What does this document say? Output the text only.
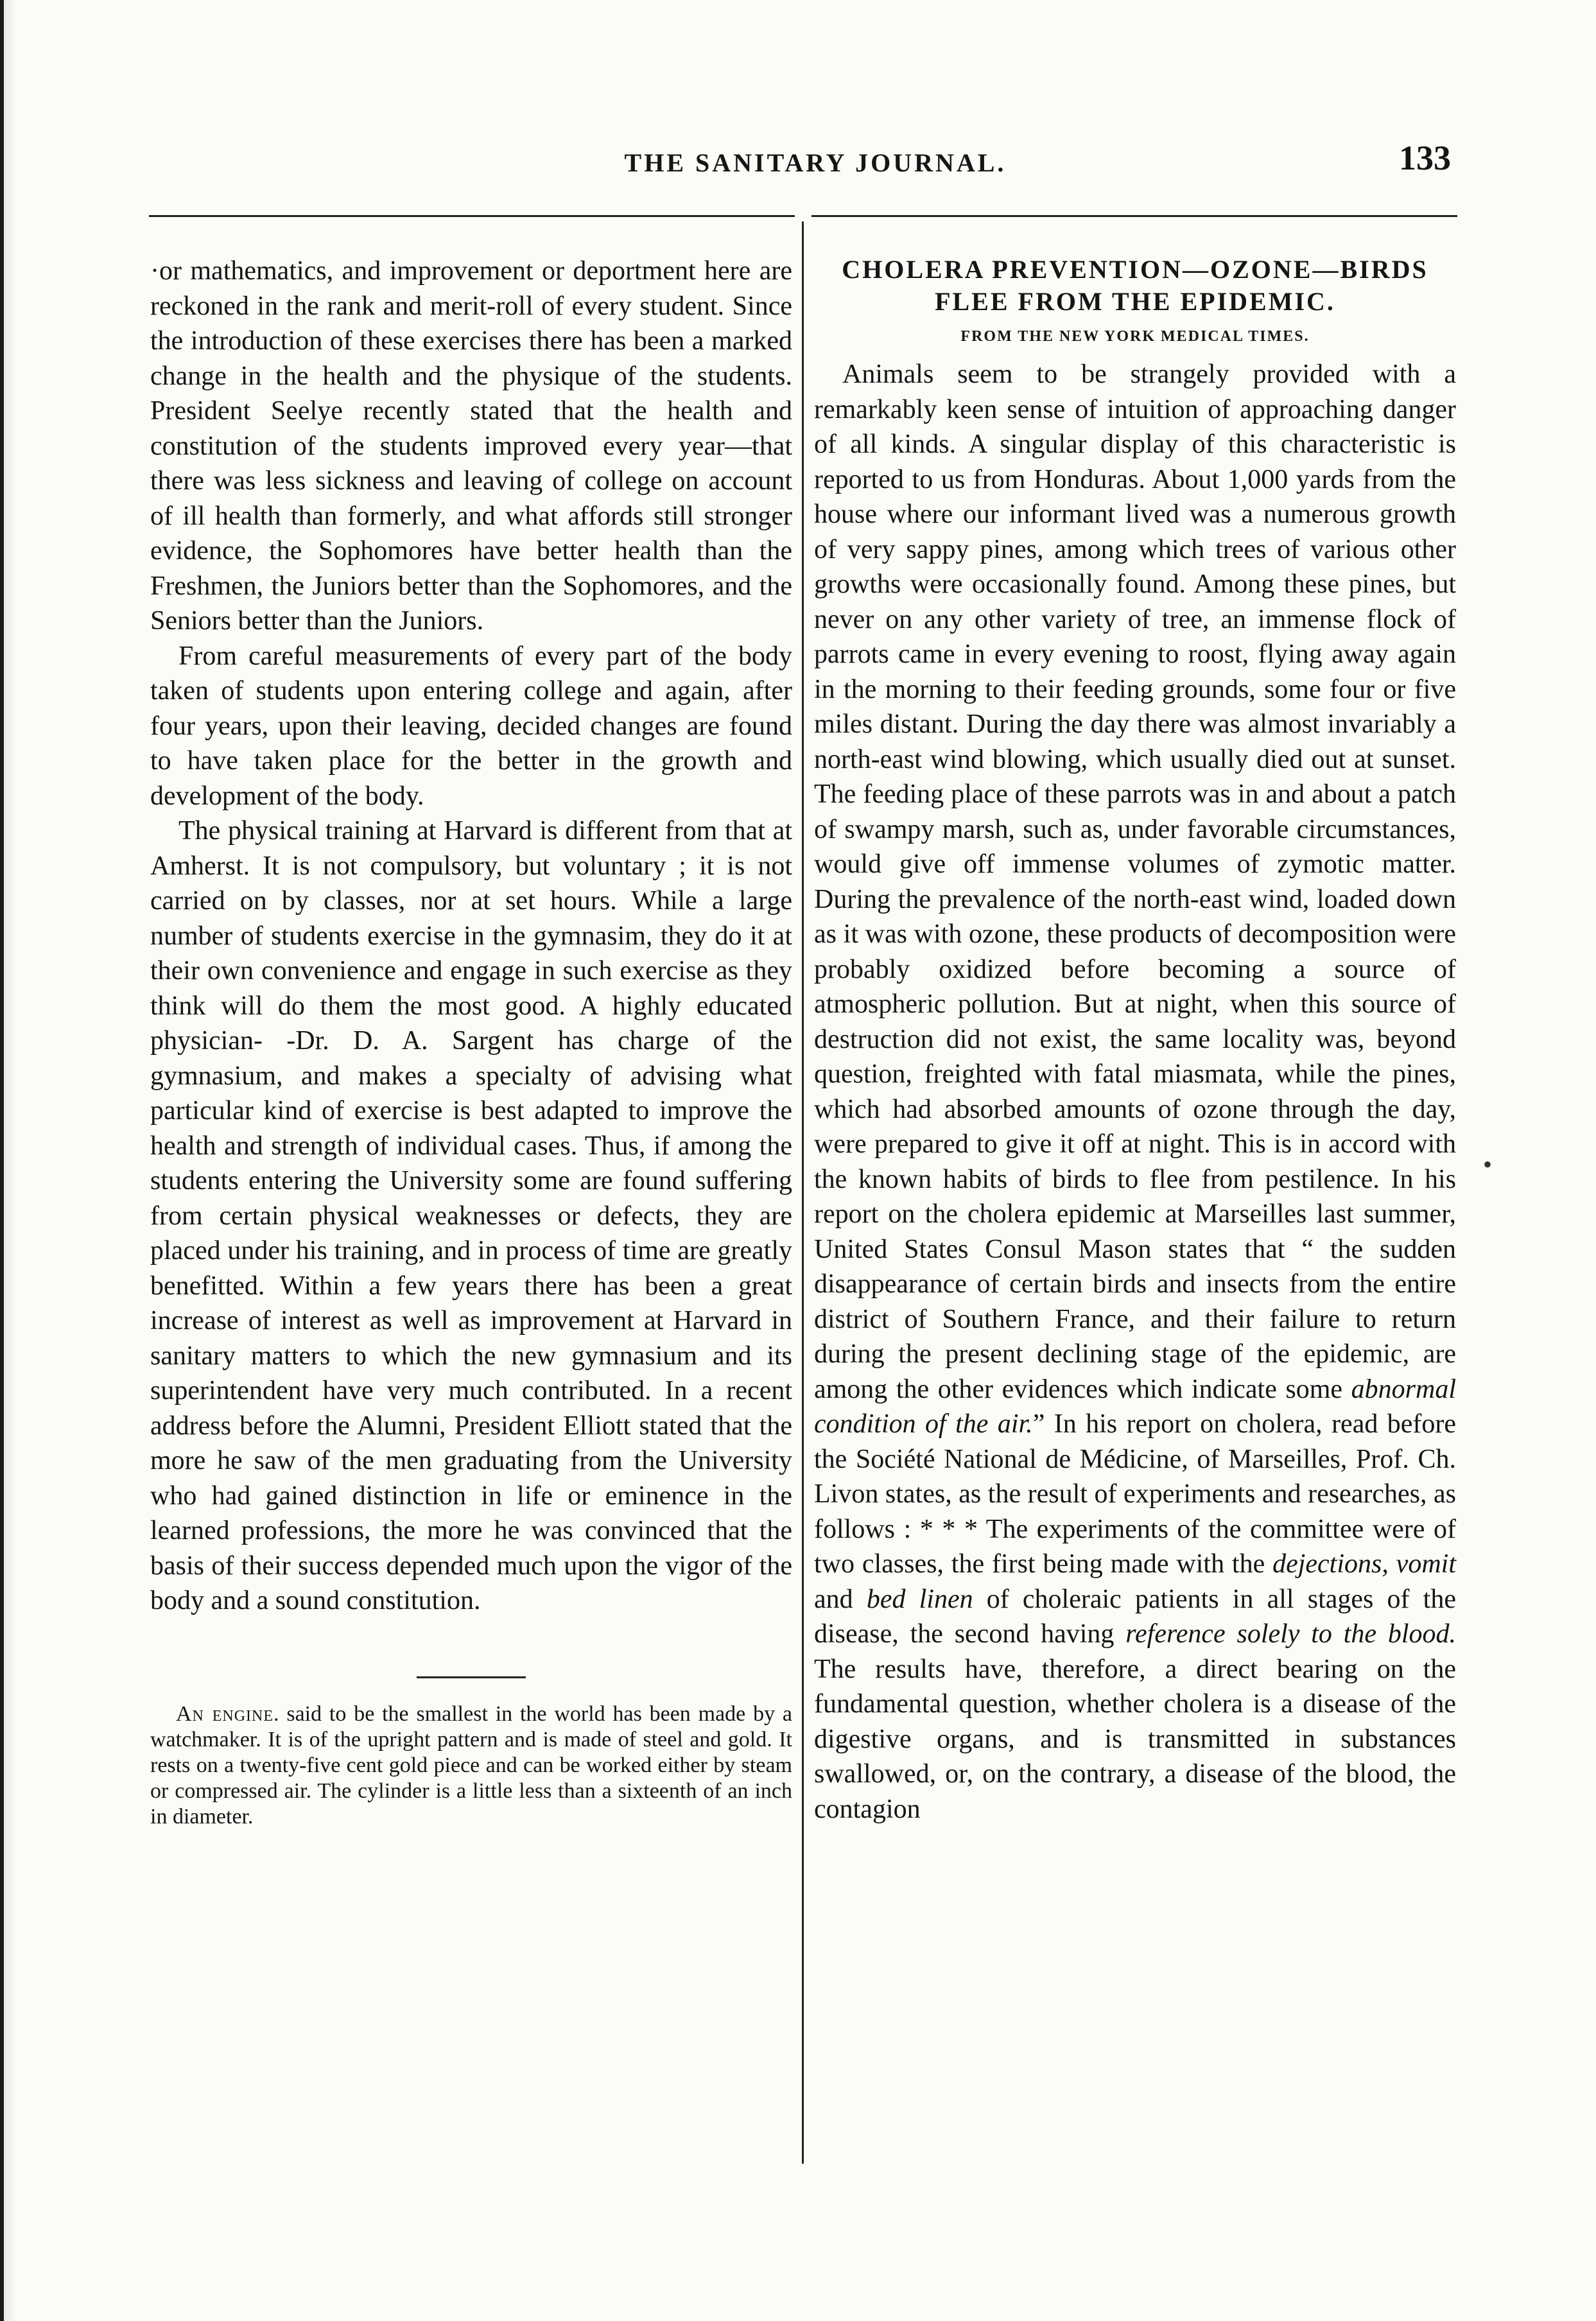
THE SANITARY JOURNAL.	133

·or mathematics, and improvement or deportment here are reckoned in the rank and merit-roll of every student. Since the introduction of these exercises there has been a marked change in the health and the physique of the students. President Seelye recently stated that the health and constitution of the students improved every year—that there was less sickness and leaving of college on account of ill health than formerly, and what affords still stronger evidence, the Sophomores have better health than the Freshmen, the Juniors better than the Sophomores, and the Seniors better than the Juniors.

From careful measurements of every part of the body taken of students upon entering college and again, after four years, upon their leaving, decided changes are found to have taken place for the better in the growth and development of the body.

The physical training at Harvard is different from that at Amherst. It is not compulsory, but voluntary ; it is not carried on by classes, nor at set hours. While a large number of students exercise in the gymnasim, they do it at their own convenience and engage in such exercise as they think will do them the most good. A highly educated physician- -Dr. D. A. Sargent has charge of the gymnasium, and makes a specialty of advising what particular kind of exercise is best adapted to improve the health and strength of individual cases. Thus, if among the students entering the University some are found suffering from certain physical weaknesses or defects, they are placed under his training, and in process of time are greatly benefitted. Within a few years there has been a great increase of interest as well as improvement at Harvard in sanitary matters to which the new gymnasium and its superintendent have very much contributed. In a recent address before the Alumni, President Elliott stated that the more he saw of the men graduating from the University who had gained distinction in life or eminence in the learned professions, the more he was convinced that the basis of their success depended much upon the vigor of the body and a sound constitution.

An engine. said to be the smallest in the world has been made by a watchmaker. It is of the upright pattern and is made of steel and gold. It rests on a twenty-five cent gold piece and can be worked either by steam or compressed air. The cylinder is a little less than a sixteenth of an inch in diameter.

CHOLERA PREVENTION—OZONE—BIRDS

FLEE FROM THE EPIDEMIC.

FROM THE NEW YORK MEDICAL TIMES.

Animals seem to be strangely provided with a remarkably keen sense of intuition of approaching danger of all kinds. A singular display of this characteristic is reported to us from Honduras. About 1,000 yards from the house where our informant lived was a numerous growth of very sappy pines, among which trees of various other growths were occasionally found. Among these pines, but never on any other variety of tree, an immense flock of parrots came in every evening to roost, flying away again in the morning to their feeding grounds, some four or five miles distant. During the day there was almost invariably a north-east wind blowing, which usually died out at sunset. The feeding place of these parrots was in and about a patch of swampy marsh, such as, under favorable circumstances, would give off immense volumes of zymotic matter. During the prevalence of the north-east wind, loaded down as it was with ozone, these products of decomposition were probably oxidized before becoming a source of atmospheric pollution. But at night, when this source of destruction did not exist, the same locality was, beyond question, freighted with fatal miasmata, while the pines, which had absorbed amounts of ozone through the day, were prepared to give it off at night. This is in accord with the known habits of birds to flee from pestilence. In his report on the cholera epidemic at Marseilles last summer, United States Consul Mason states that “ the sudden disappearance of certain birds and insects from the entire district of Southern France, and their failure to return during the present declining stage of the epidemic, are among the other evidences which indicate some abnormal condition of the air.” In his report on cholera, read before the Société National de Médicine, of Marseilles, Prof. Ch. Livon states, as the result of experiments and researches, as follows : * * * The experiments of the committee were of two classes, the first being made with the dejections, vomit and bed linen of choleraic patients in all stages of the disease, the second having reference solely to the blood. The results have, therefore, a direct bearing on the fundamental question, whether cholera is a disease of the digestive organs, and is transmitted in substances swallowed, or, on the contrary, a disease of the blood, the contagion

•
